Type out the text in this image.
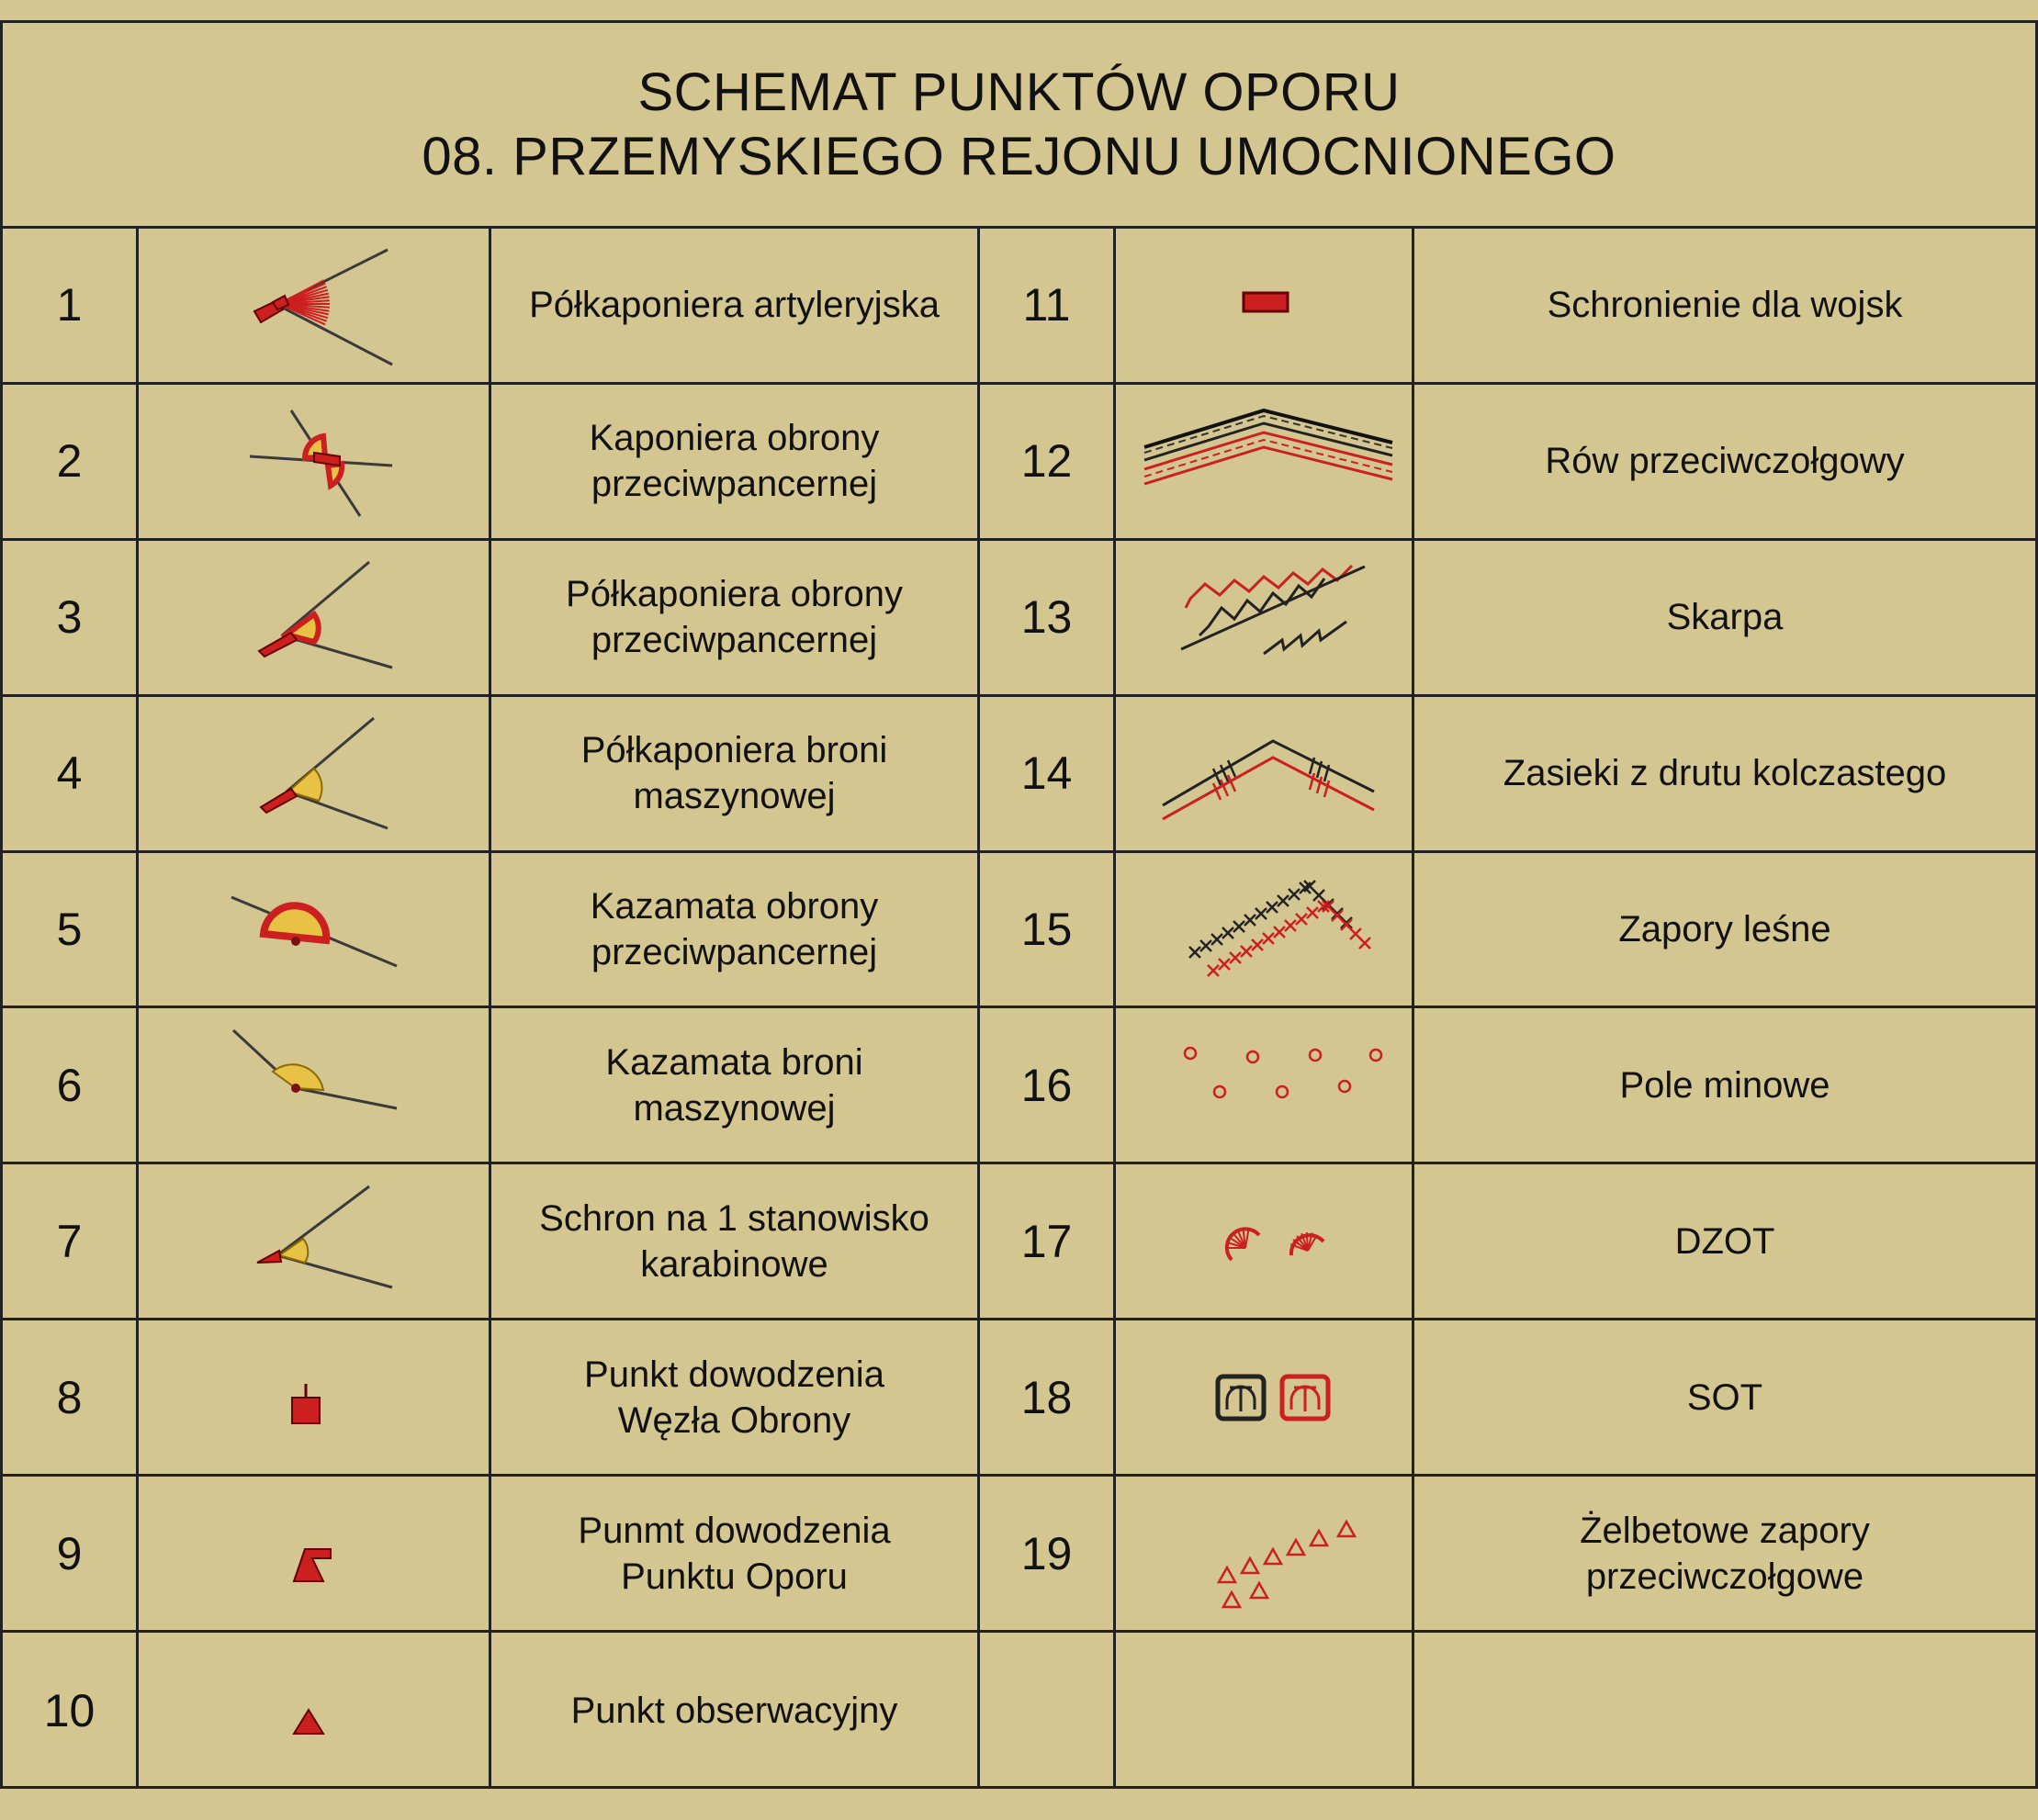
SCHEMAT PUNKTÓW OPORU
08. PRZEMYSKIEGO REJONU UMOCNIONEGO
1	Półkaponiera artyleryjska	11	Schronienie dla wojsk
2	Kaponiera obrony
przeciwpancernej	12	Rów przeciwczołgowy
3	Półkaponiera obrony
przeciwpancernej	13	Skarpa
4	Półkaponiera broni
maszynowej	14	Zasieki z drutu kolczastego
5	Kazamata obrony
przeciwpancernej	15	Zapory leśne
6	Kazamata broni
maszynowej	16	Pole minowe
7	Schron na 1 stanowisko
karabinowe	17	DZOT
8	Punkt dowodzenia
Węzła Obrony	18	SOT
9	Punmt dowodzenia
Punktu Oporu	19	Żelbetowe zapory
przeciwczołgowe
10	Punkt obserwacyjny
